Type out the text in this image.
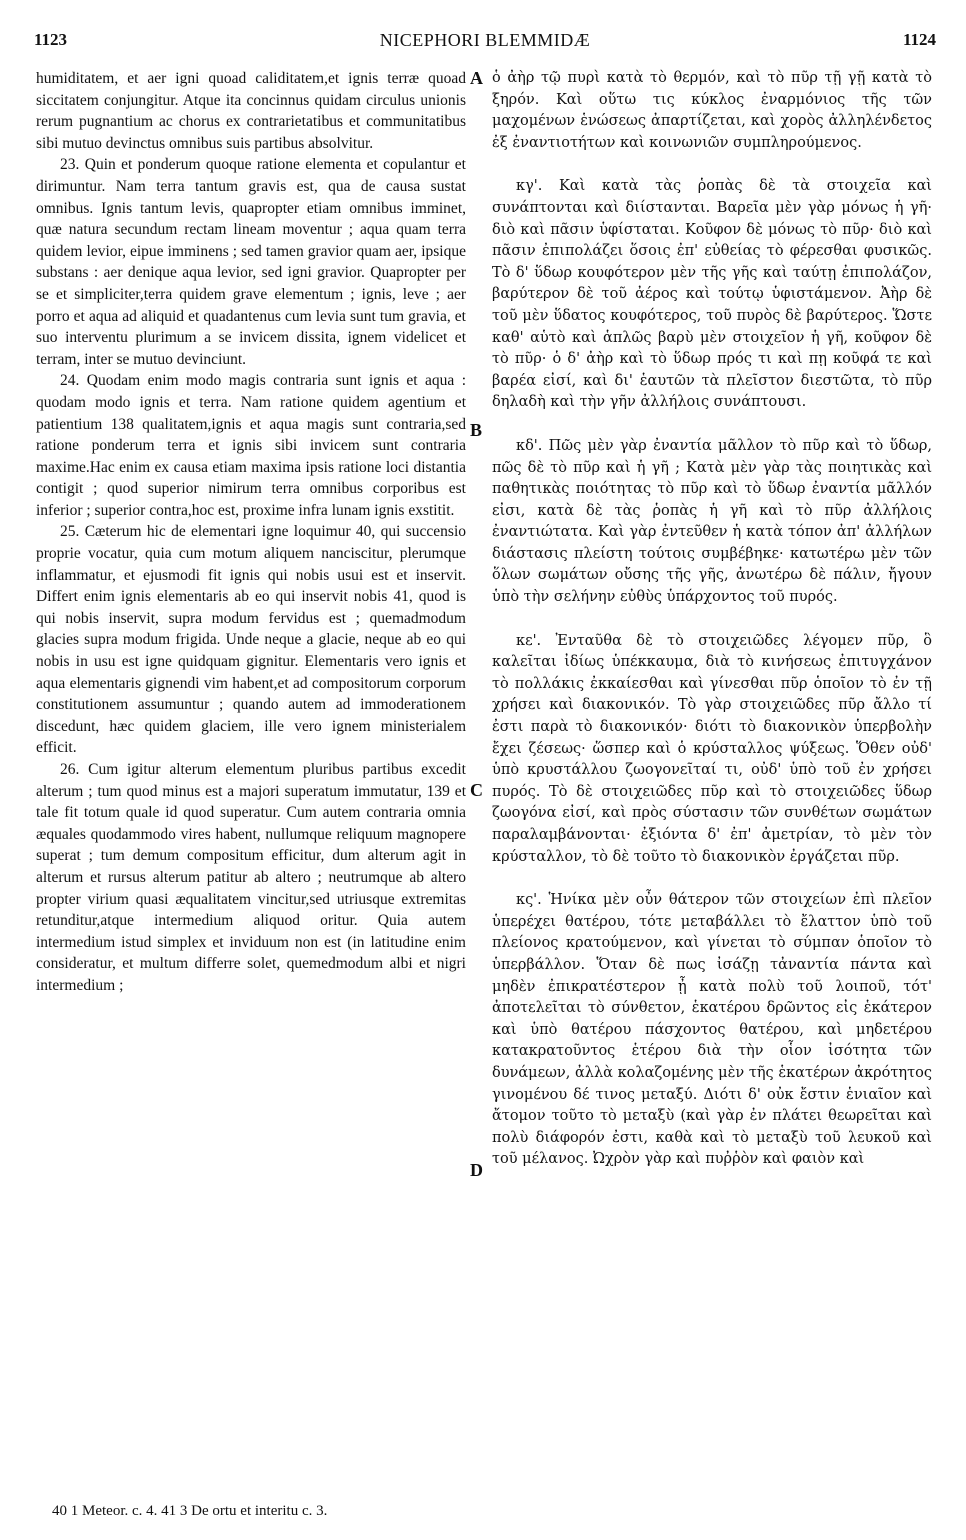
1123	NICEPHORI BLEMMIDÆ	1124

humiditatem, et aer igni quoad caliditatem,et ignis terræ quoad siccitatem conjungitur. Atque ita concinnus quidam circulus unionis rerum pugnantium ac chorus ex contrarietatibus et communitatibus sibi mutuo devinctus omnibus suis partibus absolvitur.

23. Quin et ponderum quoque ratione elementa et copulantur et dirimuntur. Nam terra tantum gravis est, qua de causa sustat omnibus. Ignis tantum levis, quapropter etiam omnibus imminet, quæ natura secundum rectam lineam moventur ; aqua quam terra quidem levior, eipue imminens ; sed tamen gravior quam aer, ipsique substans : aer denique aqua levior, sed igni gravior. Quapropter per se et simpliciter,terra quidem grave elementum ; ignis, leve ; aer porro et aqua ad aliquid et quadantenus cum levia sunt tum gravia, et suo interventu plurimum a se invicem dissita, ignem videlicet et terram, inter se mutuo devinciunt.

24. Quodam enim modo magis contraria sunt ignis et aqua : quodam modo ignis et terra. Nam ratione quidem agentium et patientium 138 qualitatem,ignis et aqua magis sunt contraria,sed ratione ponderum terra et ignis sibi invicem sunt contraria maxime.Hac enim ex causa etiam maxima ipsis ratione loci distantia contigit ; quod superior nimirum terra omnibus corporibus est inferior ; superior contra,hoc est, proxime infra lunam ignis exstitit.

25. Cæterum hic de elementari igne loquimur 40, qui succensio proprie vocatur, quia cum motum aliquem nanciscitur, plerumque inflammatur, et ejusmodi fit ignis qui nobis usui est et inservit. Differt enim ignis elementaris ab eo qui inservit nobis 41, quod is qui nobis inservit, supra modum fervidus est ; quemadmodum glacies supra modum frigida. Unde neque a glacie, neque ab eo qui nobis in usu est igne quidquam gignitur. Elementaris vero ignis et aqua elementaris gignendi vim habent,et ad compositorum corporum constitutionem assumuntur ; quando autem ad immoderationem discedunt, hæc quidem glaciem, ille vero ignem ministerialem efficit.

26. Cum igitur alterum elementum pluribus partibus excedit alterum ; tum quod minus est a majori superatum immutatur, 139 et tale fit totum quale id quod superatur. Cum autem contraria omnia æquales quodammodo vires habent, nullumque reliquum magnopere superat ; tum demum compositum efficitur, dum alterum agit in alterum et rursus alterum patitur ab altero ; neutrumque ab altero propter virium quasi æqualitatem vincitur,sed utriusque extremitas retunditur,atque intermedium aliquod oritur. Quia autem intermedium istud simplex et inviduum non est (in latitudine enim consideratur, et multum differre solet, quemedmodum albi et nigri intermedium ;

A
B
C
D

ὁ ἀὴρ τῷ πυρὶ κατὰ τὸ θερμόν, καὶ τὸ πῦρ τῇ γῇ κατὰ τὸ ξηρόν. Καὶ οὕτω τις κύκλος ἐναρμόνιος τῆς τῶν μαχομένων ἑνώσεως ἀπαρτίζεται, καὶ χορὸς ἀλληλένδετος ἐξ ἐναντιοτήτων καὶ κοινωνιῶν συμπληρούμενος.

κγ'. Καὶ κατὰ τὰς ῥοπὰς δὲ τὰ στοιχεῖα καὶ συνάπτονται καὶ διίστανται. Βαρεῖα μὲν γὰρ μόνως ἡ γῆ· διὸ καὶ πᾶσιν ὑφίσταται. Κοῦφον δὲ μόνως τὸ πῦρ· διὸ καὶ πᾶσιν ἐπιπολάζει ὅσοις ἐπ' εὐθείας τὸ φέρεσθαι φυσικῶς. Τὸ δ' ὕδωρ κουφότερον μὲν τῆς γῆς καὶ ταύτῃ ἐπιπολάζον, βαρύτερον δὲ τοῦ ἀέρος καὶ τούτῳ ὑφιστάμενον. Ἀὴρ δὲ τοῦ μὲν ὕδατος κουφότερος, τοῦ πυρὸς δὲ βαρύτερος. Ὥστε καθ' αὑτὸ καὶ ἁπλῶς βαρὺ μὲν στοιχεῖον ἡ γῆ, κοῦφον δὲ τὸ πῦρ· ὁ δ' ἀὴρ καὶ τὸ ὕδωρ πρός τι καὶ πῃ κοῦφά τε καὶ βαρέα εἰσί, καὶ δι' ἑαυτῶν τὰ πλεῖστον διεστῶτα, τὸ πῦρ δηλαδὴ καὶ τὴν γῆν ἀλλήλοις συνάπτουσι.

κδ'. Πῶς μὲν γὰρ ἐναντία μᾶλλον τὸ πῦρ καὶ τὸ ὕδωρ, πῶς δὲ τὸ πῦρ καὶ ἡ γῆ ; Κατὰ μὲν γὰρ τὰς ποιητικὰς καὶ παθητικὰς ποιότητας τὸ πῦρ καὶ τὸ ὕδωρ ἐναντία μᾶλλόν εἰσι, κατὰ δὲ τὰς ῥοπὰς ἡ γῆ καὶ τὸ πῦρ ἀλλήλοις ἐναντιώτατα. Καὶ γὰρ ἐντεῦθεν ἡ κατὰ τόπον ἀπ' ἀλλήλων διάστασις πλείστη τούτοις συμβέβηκε· κατωτέρω μὲν τῶν ὅλων σωμάτων οὔσης τῆς γῆς, ἀνωτέρω δὲ πάλιν, ἤγουν ὑπὸ τὴν σελήνην εὐθὺς ὑπάρχοντος τοῦ πυρός.

κε'. Ἐνταῦθα δὲ τὸ στοιχειῶδες λέγομεν πῦρ, ὃ καλεῖται ἰδίως ὑπέκκαυμα, διὰ τὸ κινήσεως ἐπιτυγχάνον τὸ πολλάκις ἐκκαίεσθαι καὶ γίνεσθαι πῦρ ὁποῖον τὸ ἐν τῇ χρήσει καὶ διακονικόν. Τὸ γὰρ στοιχειῶδες πῦρ ἄλλο τί ἐστι παρὰ τὸ διακονικόν· διότι τὸ διακονικὸν ὑπερβολὴν ἔχει ζέσεως· ὥσπερ καὶ ὁ κρύσταλλος ψύξεως. Ὅθεν οὐδ' ὑπὸ κρυστάλλου ζωογονεῖταί τι, οὐδ' ὑπὸ τοῦ ἐν χρήσει πυρός. Τὸ δὲ στοιχειῶδες πῦρ καὶ τὸ στοιχειῶδες ὕδωρ ζωογόνα εἰσί, καὶ πρὸς σύστασιν τῶν συνθέτων σωμάτων παραλαμβάνονται· ἐξιόντα δ' ἐπ' ἀμετρίαν, τὸ μὲν τὸν κρύσταλλον, τὸ δὲ τοῦτο τὸ διακονικὸν ἐργάζεται πῦρ.

κς'. Ἡνίκα μὲν οὖν θάτερον τῶν στοιχείων ἐπὶ πλεῖον ὑπερέχει θατέρου, τότε μεταβάλλει τὸ ἔλαττον ὑπὸ τοῦ πλείονος κρατούμενον, καὶ γίνεται τὸ σύμπαν ὁποῖον τὸ ὑπερβάλλον. Ὅταν δὲ πως ἰσάζῃ τἀναντία πάντα καὶ μηδὲν ἐπικρατέστερον ᾖ κατὰ πολὺ τοῦ λοιποῦ, τότ' ἀποτελεῖται τὸ σύνθετον, ἑκατέρου δρῶντος εἰς ἑκάτερον καὶ ὑπὸ θατέρου πάσχοντος θατέρου, καὶ μηδετέρου κατακρατοῦντος ἑτέρου διὰ τὴν οἷον ἰσότητα τῶν δυνάμεων, ἀλλὰ κολαζομένης μὲν τῆς ἑκατέρων ἀκρότητος γινομένου δέ τινος μεταξύ. Διότι δ' οὐκ ἔστιν ἑνιαῖον καὶ ἄτομον τοῦτο τὸ μεταξὺ (καὶ γὰρ ἐν πλάτει θεωρεῖται καὶ πολὺ διάφορόν ἐστι, καθὰ καὶ τὸ μεταξὺ τοῦ λευκοῦ καὶ τοῦ μέλανος. Ὠχρὸν γὰρ καὶ πυῤῥὸν καὶ φαιὸν καὶ

40 1 Meteor. c. 4. 41 3 De ortu et interitu c. 3.
